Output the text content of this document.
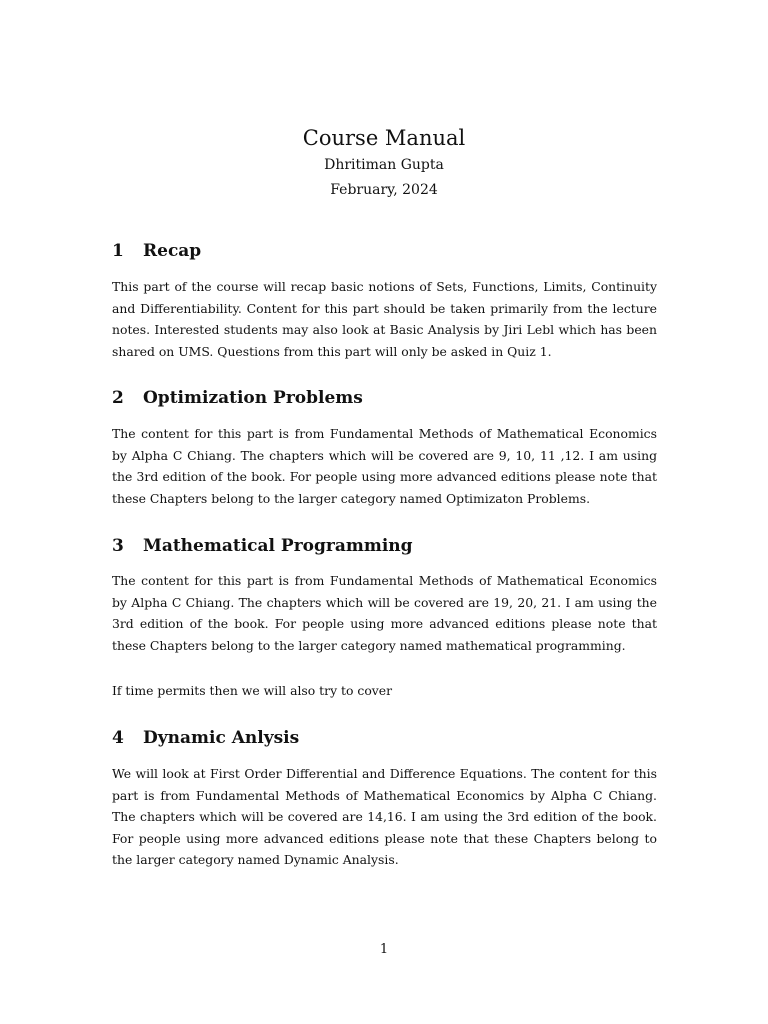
Course Manual
Dhritiman Gupta
February, 2024
1 Recap

This part of the course will recap basic notions of Sets, Functions, Limits, Continuity and Differentiability. Content for this part should be taken primarily from the lecture notes. Interested students may also look at Basic Analysis by Jiri Lebl which has been shared on UMS. Questions from this part will only be asked in Quiz 1.

2 Optimization Problems

The content for this part is from Fundamental Methods of Mathematical Economics by Alpha C Chiang. The chapters which will be covered are 9, 10, 11 ,12. I am using the 3rd edition of the book. For people using more advanced editions please note that these Chapters belong to the larger category named Optimizaton Problems.

3 Mathematical Programming

The content for this part is from Fundamental Methods of Mathematical Economics by Alpha C Chiang. The chapters which will be covered are 19, 20, 21. I am using the 3rd edition of the book. For people using more advanced editions please note that these Chapters belong to the larger category named mathematical programming.

If time permits then we will also try to cover

4 Dynamic Anlysis

We will look at First Order Differential and Difference Equations. The content for this part is from Fundamental Methods of Mathematical Economics by Alpha C Chiang. The chapters which will be covered are 14,16. I am using the 3rd edition of the book. For people using more advanced editions please note that these Chapters belong to the larger category named Dynamic Analysis.

1
